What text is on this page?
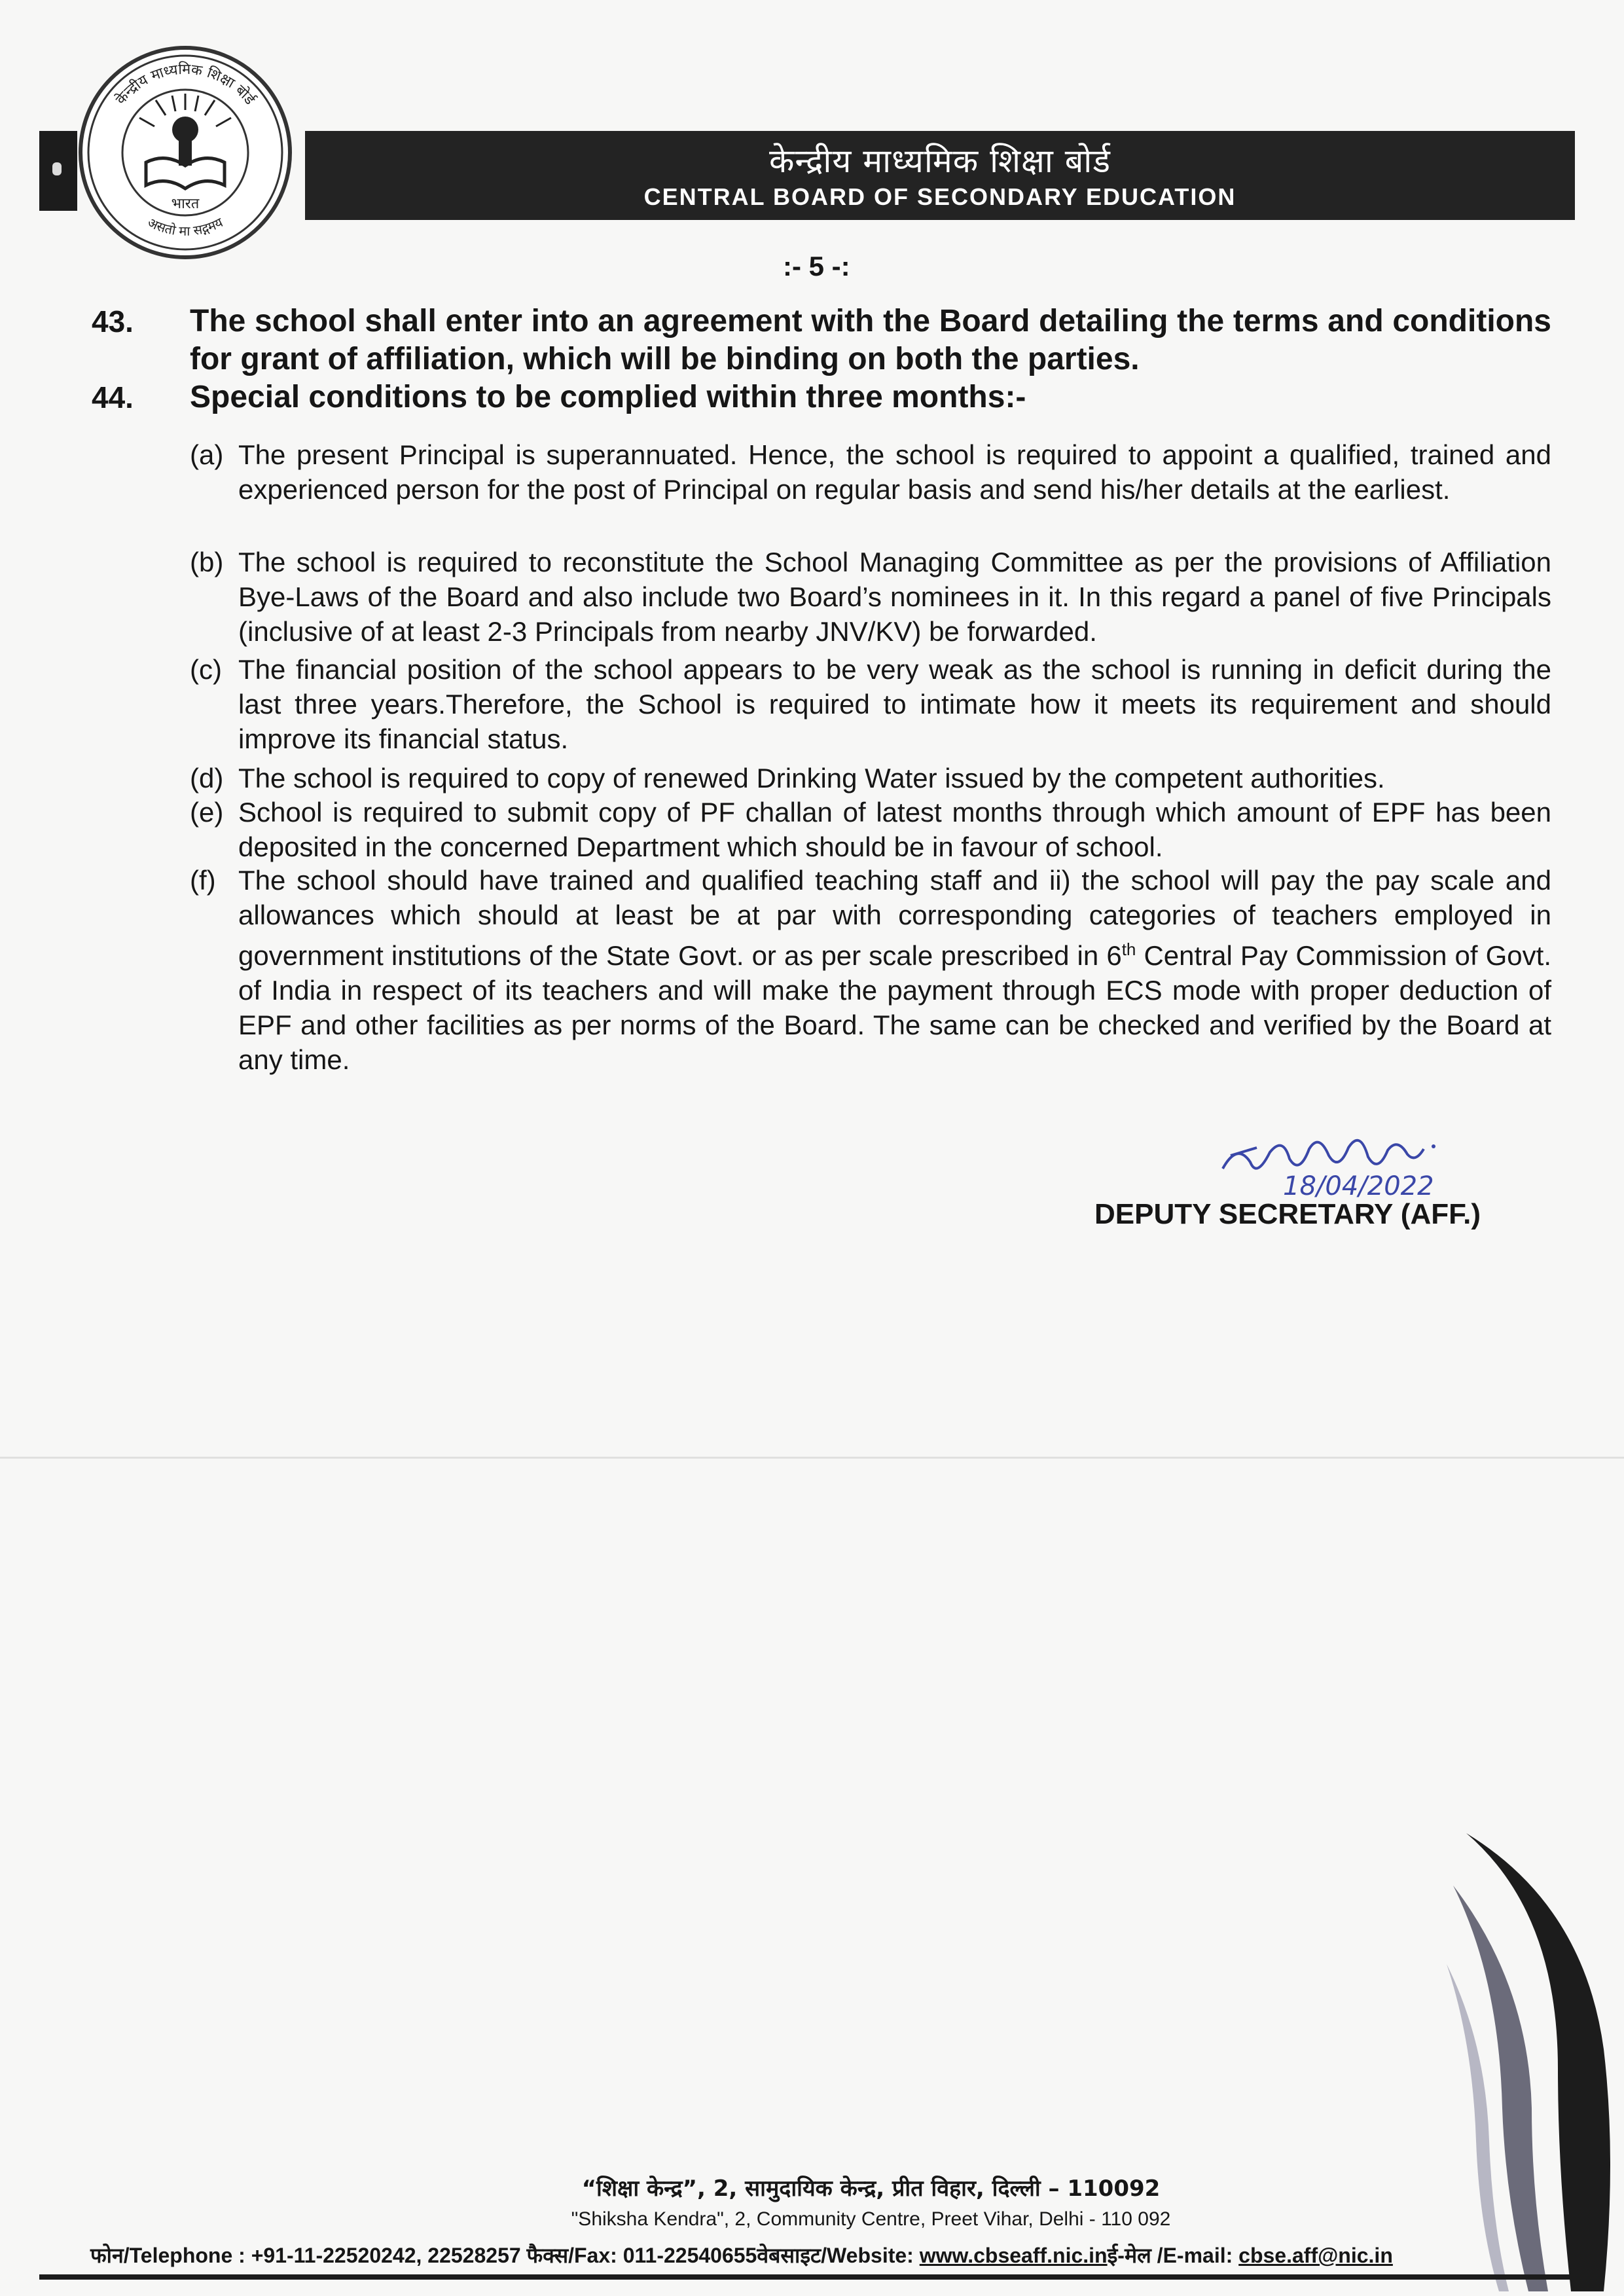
केन्द्रीय माध्यमिक शिक्षा बोर्ड
भारत
असतो मा सद्गमय
केन्द्रीय माध्यमिक शिक्षा बोर्ड
CENTRAL BOARD OF SECONDARY EDUCATION
:- 5 -:
43. The school shall enter into an agreement with the Board detailing the terms and conditions for grant of affiliation, which will be binding on both the parties.
44. Special conditions to be complied within three months:-
(a) The present Principal is superannuated. Hence, the school is required to appoint a qualified, trained and experienced person for the post of Principal on regular basis and send his/her details at the earliest.
(b) The school is required to reconstitute the School Managing Committee as per the provisions of Affiliation Bye-Laws of the Board and also include two Board’s nominees in it. In this regard a panel of five Principals (inclusive of at least 2-3 Principals from nearby JNV/KV) be forwarded.
(c) The financial position of the school appears to be very weak as the school is running in deficit during the last three years.Therefore, the School is required to intimate how it meets its requirement and should improve its financial status.
(d) The school is required to copy of renewed Drinking Water issued by the competent authorities.
(e) School is required to submit copy of PF challan of latest months through which amount of EPF has been deposited in the concerned Department which should be in favour of school.
(f) The school should have trained and qualified teaching staff and ii) the school will pay the pay scale and allowances which should at least be at par with corresponding categories of teachers employed in government institutions of the State Govt. or as per scale prescribed in 6th Central Pay Commission of Govt. of India in respect of its teachers and will make the payment through ECS mode with proper deduction of EPF and other facilities as per norms of the Board. The same can be checked and verified by the Board at any time.
18/04/2022
DEPUTY SECRETARY (AFF.)
“शिक्षा केन्द्र”, 2, सामुदायिक केन्द्र, प्रीत विहार, दिल्ली – 110092
"Shiksha Kendra", 2, Community Centre, Preet Vihar, Delhi - 110 092
फोन/Telephone : +91-11-22520242, 22528257 फैक्स/Fax: 011-22540655वेबसाइट/Website: www.cbseaff.nic.inई-मेल /E-mail: cbse.aff@nic.in
